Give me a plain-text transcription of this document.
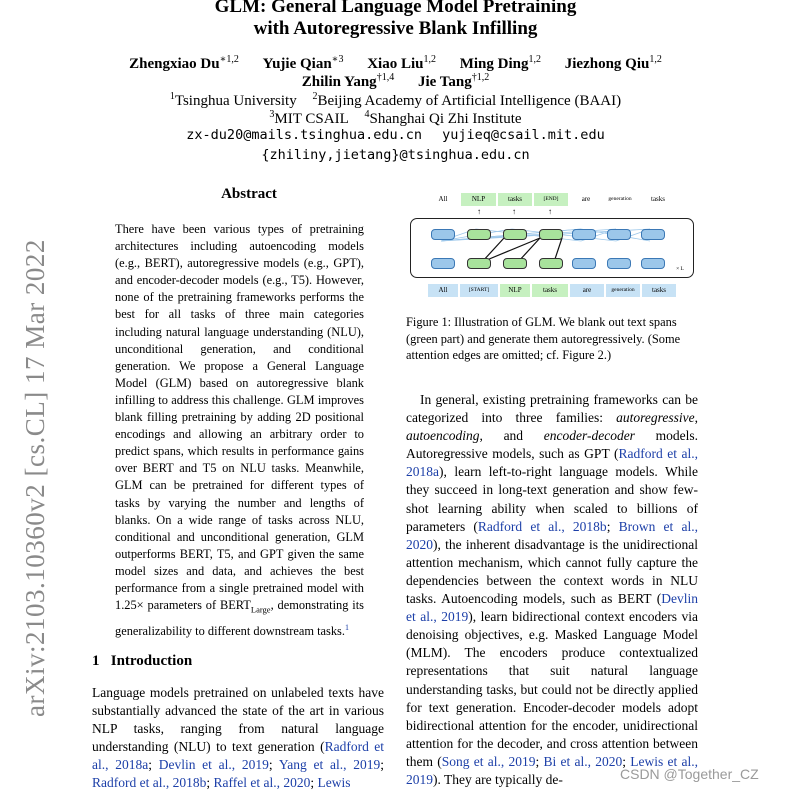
GLM: General Language Model Pretraining
with Autoregressive Blank Infilling
Zhengxiao $Du^{∗1,2}$ Yujie Qian$^{∗3}$ Xiao Liu$^{1,2}$ Ming Ding$^{1,2}$ Jiezhong Qiu$^{1,2}$
Zhilin Yang$^{\dagger 1,4}$ Jie Tang$^{\dagger 1,2}$
$^1$Tsinghua University $^2$Beijing Academy of Artificial Intelligence (BAAI)
$^3$MIT CSAIL $^4$Shanghai Qi Zhi Institute
zx-du20@mails.tsinghua.edu.cn yujieq@csail.mit.edu
{zhiliny,jietang}@tsinghua.edu.cn
arXiv:2103.10360v2 [cs.CL] 17 Mar 2022
Abstract
There have been various types of pretraining architectures including autoencoding models (e.g., BERT), autoregressive models (e.g., GPT), and encoder-decoder models (e.g., T5). However, none of the pretraining frameworks performs the best for all tasks of three main categories including natural language understanding (NLU), unconditional generation, and conditional generation. We propose a General Language Model (GLM) based on autoregressive blank infilling to address this challenge. GLM improves blank filling pretraining by adding 2D positional encodings and allowing an arbitrary order to predict spans, which results in performance gains over BERT and T5 on NLU tasks. Meanwhile, GLM can be pretrained for different types of tasks by varying the number and lengths of blanks. On a wide range of tasks across NLU, conditional and unconditional generation, GLM outperforms BERT, T5, and GPT given the same model sizes and data, and achieves the best performance from a single pretrained model with 1.25× parameters of $BERT_{Large}$, demonstrating its generalizability to different downstream tasks.$^1$
1 Introduction
Language models pretrained on unlabeled texts have substantially advanced the state of the art in various NLP tasks, ranging from natural language understanding (NLU) to text generation (Radford et al., 2018a; Devlin et al., 2019; Yang et al., 2019; Radford et al., 2018b; Raffel et al., 2020; Lewis
All	NLP	tasks	[END]	are	generation	tasks
↑	↑	↑
× L
All	[START]	NLP	tasks	are	generation	tasks
Figure 1: Illustration of GLM. We blank out text spans (green part) and generate them autoregressively. (Some attention edges are omitted; cf. Figure 2.)
In general, existing pretraining frameworks can be categorized into three families: autoregressive, autoencoding, and encoder-decoder models. Autoregressive models, such as GPT (Radford et al., 2018a), learn left-to-right language models. While they succeed in long-text generation and show few-shot learning ability when scaled to billions of parameters (Radford et al., 2018b; Brown et al., 2020), the inherent disadvantage is the unidirectional attention mechanism, which cannot fully capture the dependencies between the context words in NLU tasks. Autoencoding models, such as BERT (Devlin et al., 2019), learn bidirectional context encoders via denoising objectives, e.g. Masked Language Model (MLM). The encoders produce contextualized representations that suit natural language understanding tasks, but could not be directly applied for text generation. Encoder-decoder models adopt bidirectional attention for the encoder, unidirectional attention for the decoder, and cross attention between them (Song et al., 2019; Bi et al., 2020; Lewis et al., 2019). They are typically de-	CSDN @Together_CZ
